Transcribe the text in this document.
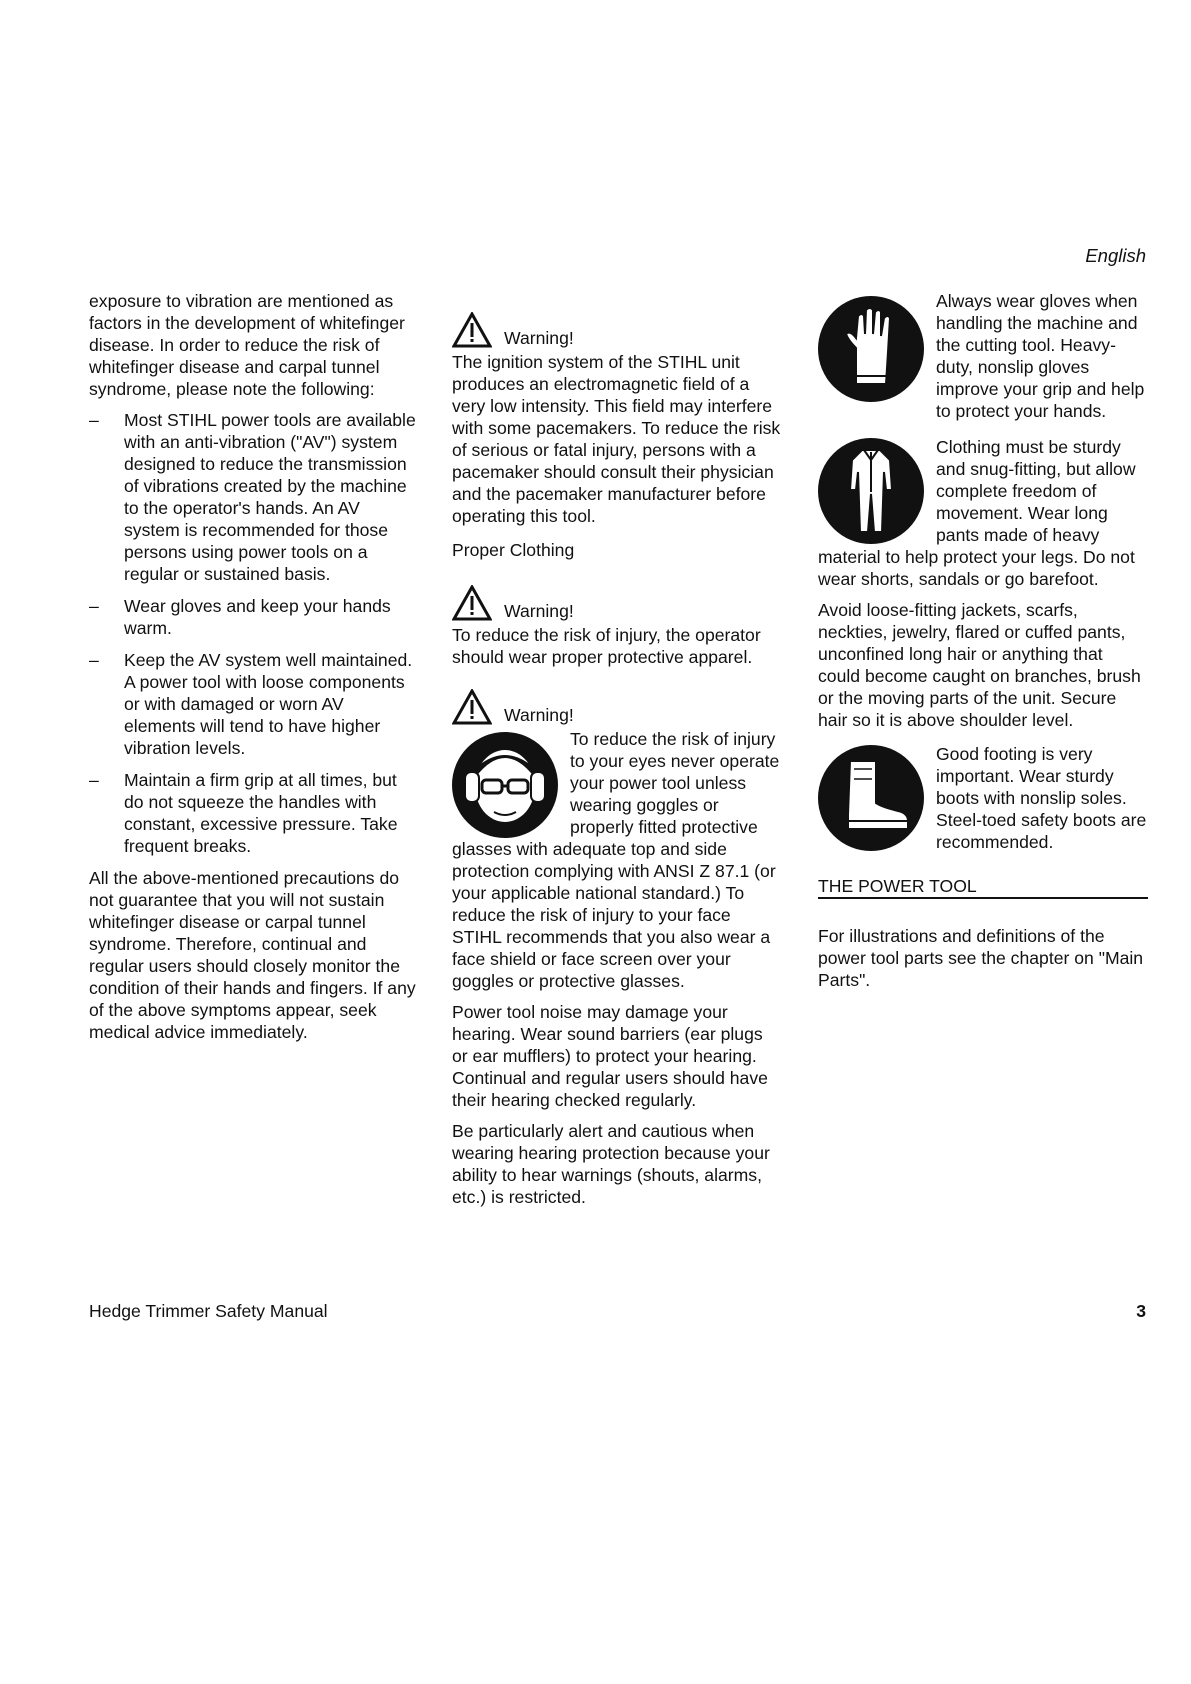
English

exposure to vibration are mentioned as factors in the development of whitefinger disease. In order to reduce the risk of whitefinger disease and carpal tunnel syndrome, please note the following:

– Most STIHL power tools are available with an anti-vibration ("AV") system designed to reduce the transmission of vibrations created by the machine to the operator's hands. An AV system is recommended for those persons using power tools on a regular or sustained basis.
– Wear gloves and keep your hands warm.
– Keep the AV system well maintained. A power tool with loose components or with damaged or worn AV elements will tend to have higher vibration levels.
– Maintain a firm grip at all times, but do not squeeze the handles with constant, excessive pressure. Take frequent breaks.

All the above-mentioned precautions do not guarantee that you will not sustain whitefinger disease or carpal tunnel syndrome. Therefore, continual and regular users should closely monitor the condition of their hands and fingers. If any of the above symptoms appear, seek medical advice immediately.

Warning!

The ignition system of the STIHL unit produces an electromagnetic field of a very low intensity. This field may interfere with some pacemakers. To reduce the risk of serious or fatal injury, persons with a pacemaker should consult their physician and the pacemaker manufacturer before operating this tool.

Proper Clothing

Warning!

To reduce the risk of injury, the operator should wear proper protective apparel.

Warning!

To reduce the risk of injury to your eyes never operate your power tool unless wearing goggles or properly fitted protective glasses with adequate top and side protection complying with ANSI Z 87.1 (or your applicable national standard.) To reduce the risk of injury to your face STIHL recommends that you also wear a face shield or face screen over your goggles or protective glasses.

Power tool noise may damage your hearing. Wear sound barriers (ear plugs or ear mufflers) to protect your hearing. Continual and regular users should have their hearing checked regularly.

Be particularly alert and cautious when wearing hearing protection because your ability to hear warnings (shouts, alarms, etc.) is restricted.

Always wear gloves when handling the machine and the cutting tool. Heavy-duty, nonslip gloves improve your grip and help to protect your hands.

Clothing must be sturdy and snug-fitting, but allow complete freedom of movement. Wear long pants made of heavy material to help protect your legs. Do not wear shorts, sandals or go barefoot.

Avoid loose-fitting jackets, scarfs, neckties, jewelry, flared or cuffed pants, unconfined long hair or anything that could become caught on branches, brush or the moving parts of the unit. Secure hair so it is above shoulder level.

Good footing is very important. Wear sturdy boots with nonslip soles. Steel-toed safety boots are recommended.

THE POWER TOOL

For illustrations and definitions of the power tool parts see the chapter on "Main Parts".

Hedge Trimmer Safety Manual	3
